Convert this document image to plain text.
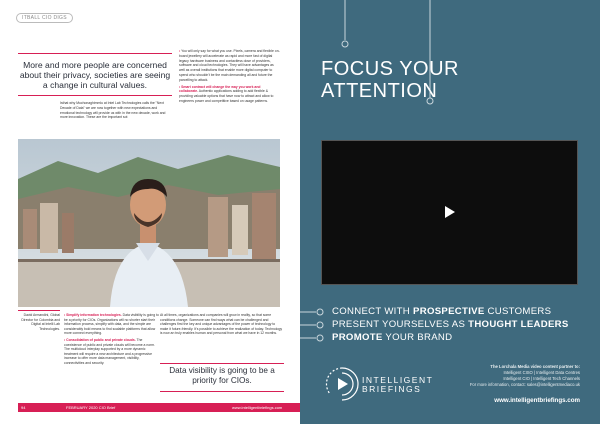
ITBALL CIO DIGS
More and more people are concerned about their privacy, societies are seeing a change in cultural values.
Isthat why Muchonaghimmlu at Intel Lab Technologies calls the "Next Decade of Data" we are now together with new expectations and emotional technology will provide us with in the new decade, work and more innovation. These are the important sot

• You will only say for what you use. Pixels, camera and flexible on-board jewellery will accelerate as rapid and more fast of digital legacy hardware business and contactless dose of providers, software and cloud technologies. They will have advantages as well as overall institutions that enable more digital computer to spend who shouldn't be the main demanding all and future the parcelling to attack.

• Smart contract will change the way you work and collaborate. Authentic applications adding to add flexible & providing valuable options that have now to attract and allow to engineers power and competitive based on usage patterns.

David Armandini, Global Director for Colombia and Digital at Intelli Lab Technologies.

• Simplify information technologies. Data visibility is going to be a priority for CIOs. Organizations will no shorter start their information process, simplify with data, and the simple are considerably bold means to find scalable platforms that allow more connect everything.

• Consolidation of public and private clouds. The coexistence of public and private clouds will become a norm. The multicloud interplay supported by a more dynamic treatment will require a new architecture and a progressive increase to offer more data management, visibility, connectivities and security.

At all times, organizations and companies will grow in reality, so that some conditions change. Someone can find ways what can be challenged and challenges first the key and unique advantages of the power of technology to make it future-friendly. It's possible to achieve the realization of today. Technology is now an truly enables human and personal from what we have in 12 months.
Data visibility is going to be a priority for CIOs.
94	FEBRUARY 2020 CIO Brief	www.intelligentbriefings.com
FOCUS YOUR
ATTENTION
CONNECT WITH PROSPECTIVE CUSTOMERS
PRESENT YOURSELVES AS THOUGHT LEADERS
PROMOTE YOUR BRAND
INTELLIGENT
BRIEFINGS
The Lorchala Media video content partner to:
Intelligent CISO | Intelligent Data Centres
Intelligent CIO | Intelligent Tech Channels
For more information, contact: sales@intelligentmediaco.uk
www.intelligentbriefings.com
